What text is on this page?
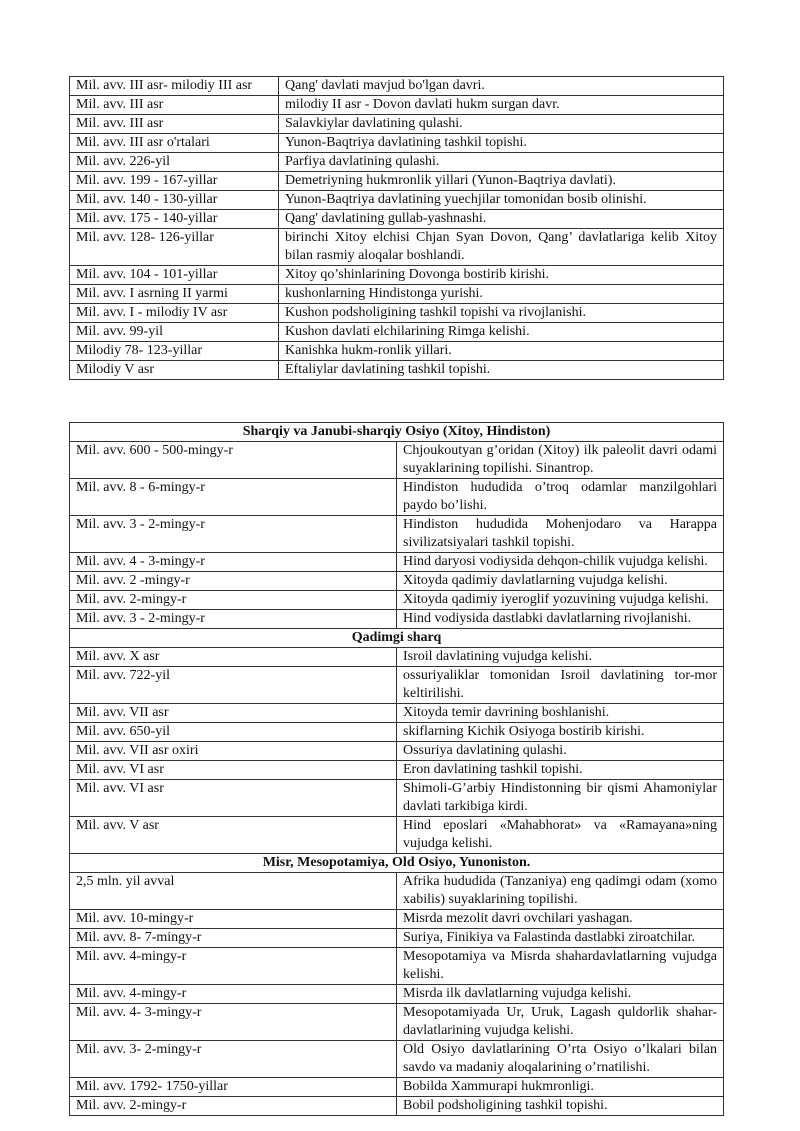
Mil. avv. III asr- milodiy III asr	Qang' davlati mavjud bo'lgan davri.
Mil. avv. III asr	milodiy II asr - Dovon davlati hukm surgan davr.
Mil. avv. III asr	Salavkiylar davlatining qulashi.
Mil. avv. III asr o'rtalari	Yunon-Baqtriya davlatining tashkil topishi.
Mil. avv. 226-yil	Parfiya davlatining qulashi.
Mil. avv. 199 - 167-yillar	Demetriyning hukmronlik yillari (Yunon-Baqtriya davlati).
Mil. avv. 140 - 130-yillar	Yunon-Baqtriya davlatining yuechjilar tomonidan bosib olinishi.
Mil. avv. 175 - 140-yillar	Qang' davlatining gullab-yashnashi.
Mil. avv. 128- 126-yillar	birinchi Xitoy elchisi Chjan Syan Dovon, Qang’ davlatlariga kelib Xitoy bilan rasmiy aloqalar boshlandi.
Mil. avv. 104 - 101-yillar	Xitoy qo’shinlarining Dovonga bostirib kirishi.
Mil. avv. I asrning II yarmi	kushonlarning Hindistonga yurishi.
Mil. avv. I - milodiy IV asr	Kushon podsholigining tashkil topishi va rivojlanishi.
Mil. avv. 99-yil	Kushon davlati elchilarining Rimga kelishi.
Milodiy 78- 123-yillar	Kanishka hukm-ronlik yillari.
Milodiy V asr	Eftaliylar davlatining tashkil topishi.
Sharqiy va Janubi-sharqiy Osiyo (Xitoy, Hindiston)	
Mil. avv. 600 - 500-mingy-r	Chjoukoutyan g’oridan (Xitoy) ilk paleolit davri odami suyaklarining topilishi. Sinantrop.
Mil. avv. 8 - 6-mingy-r	Hindiston hududida o’troq odamlar manzilgohlari paydo bo’lishi.
Mil. avv. 3 - 2-mingy-r	Hindiston hududida Mohenjodaro va Harappa sivilizatsiyalari tashkil topishi.
Mil. avv. 4 - 3-mingy-r	Hind daryosi vodiysida dehqon-chilik vujudga kelishi.
Mil. avv. 2 -mingy-r	Xitoyda qadimiy davlatlarning vujudga kelishi.
Mil. avv. 2-mingy-r	Xitoyda qadimiy iyeroglif yozuvining vujudga kelishi.
Mil. avv. 3 - 2-mingy-r	Hind vodiysida dastlabki davlatlarning rivojlanishi.
Qadimgi sharq	
Mil. avv. X asr	Isroil davlatining vujudga kelishi.
Mil. avv. 722-yil	ossuriyaliklar tomonidan Isroil davlatining tor-mor keltirilishi.
Mil. avv. VII asr	Xitoyda temir davrining boshlanishi.
Mil. avv. 650-yil	skiflarning Kichik Osiyoga bostirib kirishi.
Mil. avv. VII asr oxiri	Ossuriya davlatining qulashi.
Mil. avv. VI asr	Eron davlatining tashkil topishi.
Mil. avv. VI asr	Shimoli-G’arbiy Hindistonning bir qismi Ahamoniylar davlati tarkibiga kirdi.
Mil. avv. V asr	Hind eposlari «Mahabhorat» va «Ramayana»ning vujudga kelishi.
Misr, Mesopotamiya, Old Osiyo, Yunoniston.	
2,5 mln. yil avval	Afrika hududida (Tanzaniya) eng qadimgi odam (xomo xabilis) suyaklarining topilishi.
Mil. avv. 10-mingy-r	Misrda mezolit davri ovchilari yashagan.
Mil. avv. 8- 7-mingy-r	Suriya, Finikiya va Falastinda dastlabki ziroatchilar.
Mil. avv. 4-mingy-r	Mesopotamiya va Misrda shahardavlatlarning vujudga kelishi.
Mil. avv. 4-mingy-r	Misrda ilk davlatlarning vujudga kelishi.
Mil. avv. 4- 3-mingy-r	Mesopotamiyada Ur, Uruk, Lagash quldorlik shahar-davlatlarining vujudga kelishi.
Mil. avv. 3- 2-mingy-r	Old Osiyo davlatlarining O’rta Osiyo o’lkalari bilan savdo va madaniy aloqalarining o’rnatilishi.
Mil. avv. 1792- 1750-yillar	Bobilda Xammurapi hukmronligi.
Mil. avv. 2-mingy-r	Bobil podsholigining tashkil topishi.
